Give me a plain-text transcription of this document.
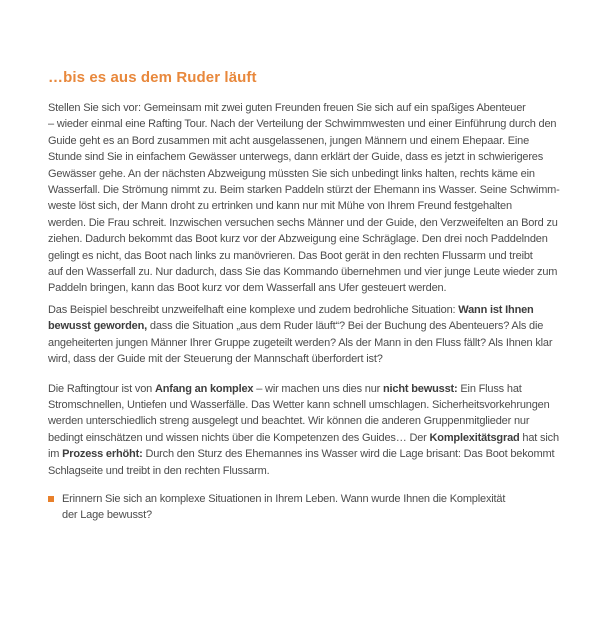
…bis es aus dem Ruder läuft
Stellen Sie sich vor: Gemeinsam mit zwei guten Freunden freuen Sie sich auf ein spaßiges Abenteuer
– wieder einmal eine Rafting Tour. Nach der Verteilung der Schwimmwesten und einer Einführung durch den
Guide geht es an Bord zusammen mit acht ausgelassenen, jungen Männern und einem Ehepaar. Eine
Stunde sind Sie in einfachem Gewässer unterwegs, dann erklärt der Guide, dass es jetzt in schwierigeres
Gewässer gehe. An der nächsten Abzweigung müssten Sie sich unbedingt links halten, rechts käme ein
Wasserfall. Die Strömung nimmt zu. Beim starken Paddeln stürzt der Ehemann ins Wasser. Seine Schwimm-
weste löst sich, der Mann droht zu ertrinken und kann nur mit Mühe von Ihrem Freund festgehalten
werden. Die Frau schreit. Inzwischen versuchen sechs Männer und der Guide, den Verzweifelten an Bord zu
ziehen. Dadurch bekommt das Boot kurz vor der Abzweigung eine Schräglage. Den drei noch Paddelnden
gelingt es nicht, das Boot nach links zu manövrieren. Das Boot gerät in den rechten Flussarm und treibt
auf den Wasserfall zu. Nur dadurch, dass Sie das Kommando übernehmen und vier junge Leute wieder zum
Paddeln bringen, kann das Boot kurz vor dem Wasserfall ans Ufer gesteuert werden.
Das Beispiel beschreibt unzweifelhaft eine komplexe und zudem bedrohliche Situation: Wann ist Ihnen
bewusst geworden, dass die Situation „aus dem Ruder läuft“? Bei der Buchung des Abenteuers? Als die
angeheiterten jungen Männer Ihrer Gruppe zugeteilt werden? Als der Mann in den Fluss fällt? Als Ihnen klar
wird, dass der Guide mit der Steuerung der Mannschaft überfordert ist?
Die Raftingtour ist von Anfang an komplex – wir machen uns dies nur nicht bewusst: Ein Fluss hat
Stromschnellen, Untiefen und Wasserfälle. Das Wetter kann schnell umschlagen. Sicherheitsvorkehrungen
werden unterschiedlich streng ausgelegt und beachtet. Wir können die anderen Gruppenmitglieder nur
bedingt einschätzen und wissen nichts über die Kompetenzen des Guides… Der Komplexitätsgrad hat sich
im Prozess erhöht: Durch den Sturz des Ehemannes ins Wasser wird die Lage brisant: Das Boot bekommt
Schlagseite und treibt in den rechten Flussarm.
Erinnern Sie sich an komplexe Situationen in Ihrem Leben. Wann wurde Ihnen die Komplexität
der Lage bewusst?
